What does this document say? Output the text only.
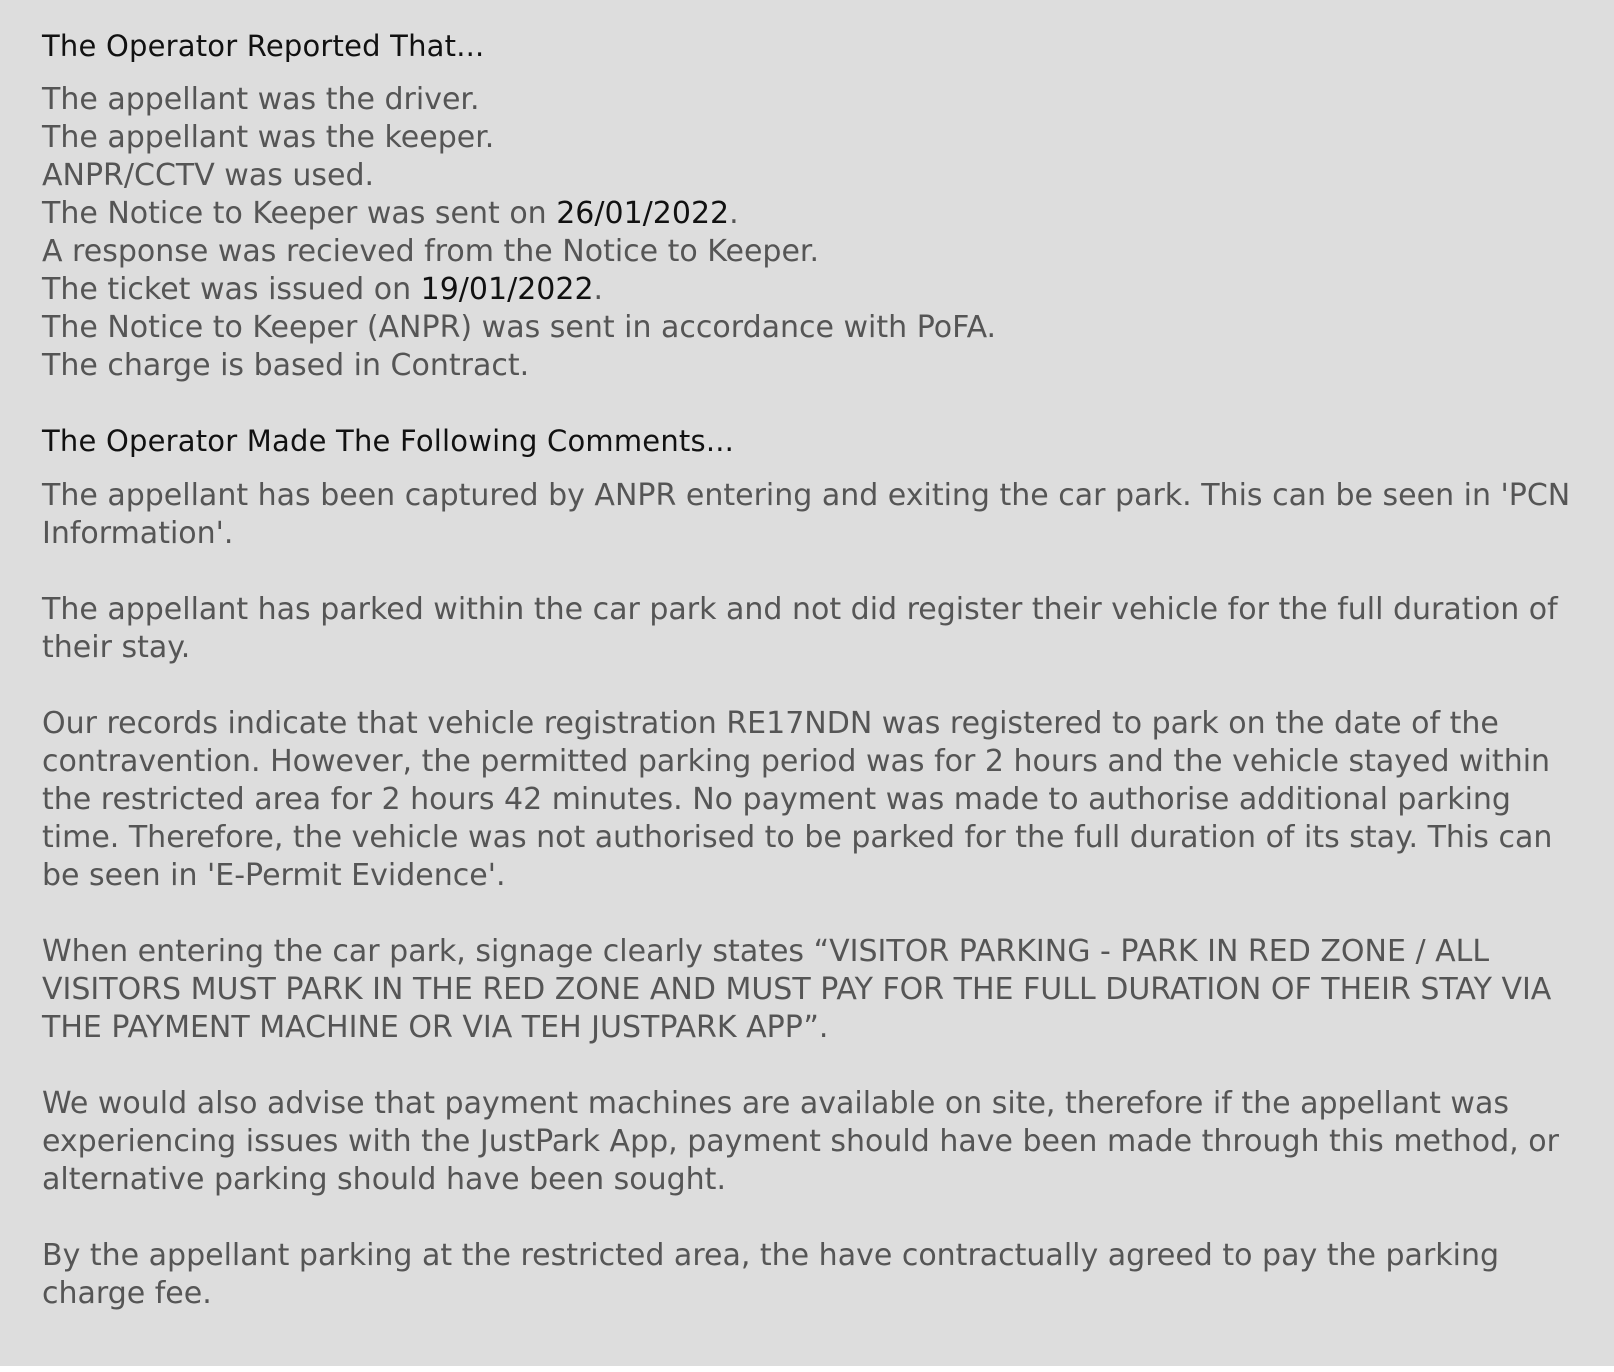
The Operator Reported That...
The appellant was the driver.
The appellant was the keeper.
ANPR/CCTV was used.
The Notice to Keeper was sent on 26/01/2022.
A response was recieved from the Notice to Keeper.
The ticket was issued on 19/01/2022.
The Notice to Keeper (ANPR) was sent in accordance with PoFA.
The charge is based in Contract.
The Operator Made The Following Comments...

The appellant has been captured by ANPR entering and exiting the car park. This can be seen in 'PCN Information'.

The appellant has parked within the car park and not did register their vehicle for the full duration of their stay.

Our records indicate that vehicle registration RE17NDN was registered to park on the date of the contravention. However, the permitted parking period was for 2 hours and the vehicle stayed within the restricted area for 2 hours 42 minutes. No payment was made to authorise additional parking time. Therefore, the vehicle was not authorised to be parked for the full duration of its stay. This can be seen in 'E-Permit Evidence'.

When entering the car park, signage clearly states “VISITOR PARKING - PARK IN RED ZONE / ALL VISITORS MUST PARK IN THE RED ZONE AND MUST PAY FOR THE FULL DURATION OF THEIR STAY VIA THE PAYMENT MACHINE OR VIA TEH JUSTPARK APP”.

We would also advise that payment machines are available on site, therefore if the appellant was experiencing issues with the JustPark App, payment should have been made through this method, or alternative parking should have been sought.

By the appellant parking at the restricted area, the have contractually agreed to pay the parking charge fee.
